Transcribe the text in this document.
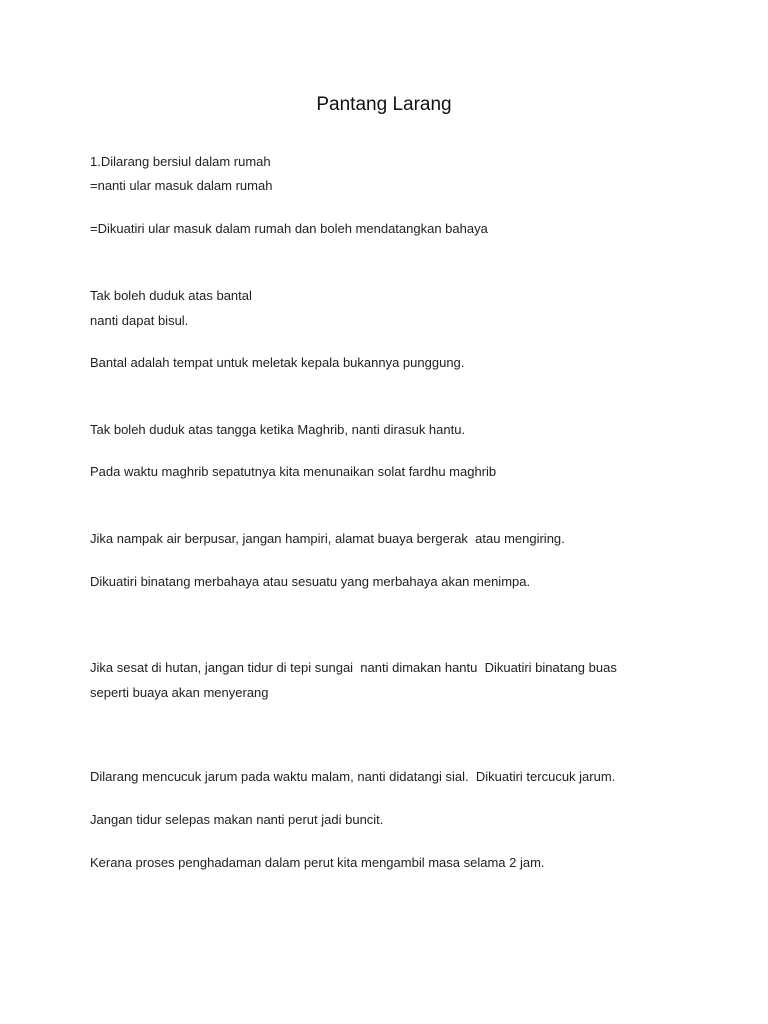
Pantang Larang
1.Dilarang bersiul dalam rumah
=nanti ular masuk dalam rumah
=Dikuatiri ular masuk dalam rumah dan boleh mendatangkan bahaya
Tak boleh duduk atas bantal
nanti dapat bisul.
Bantal adalah tempat untuk meletak kepala bukannya punggung.
Tak boleh duduk atas tangga ketika Maghrib, nanti dirasuk hantu.
Pada waktu maghrib sepatutnya kita menunaikan solat fardhu maghrib
Jika nampak air berpusar, jangan hampiri, alamat buaya bergerak  atau mengiring.
Dikuatiri binatang merbahaya atau sesuatu yang merbahaya akan menimpa.
Jika sesat di hutan, jangan tidur di tepi sungai  nanti dimakan hantu  Dikuatiri binatang buas
seperti buaya akan menyerang
Dilarang mencucuk jarum pada waktu malam, nanti didatangi sial.  Dikuatiri tercucuk jarum.
Jangan tidur selepas makan nanti perut jadi buncit.
Kerana proses penghadaman dalam perut kita mengambil masa selama 2 jam.
